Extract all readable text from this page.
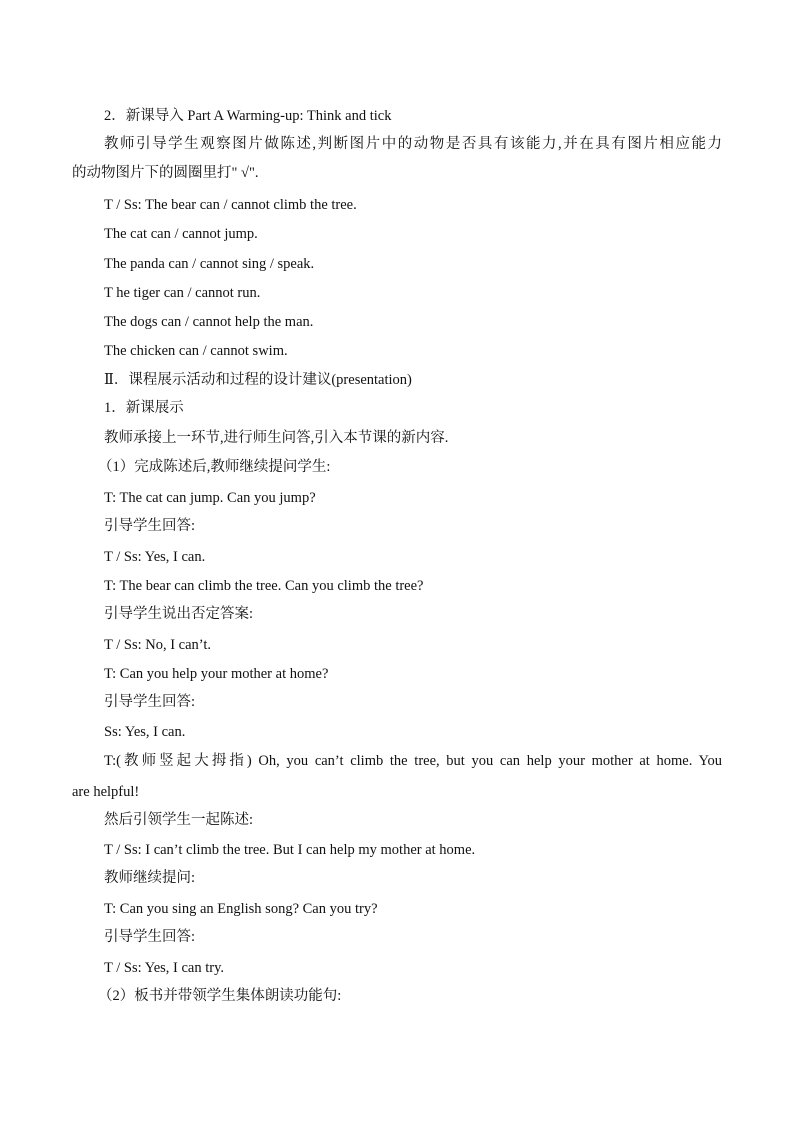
2．新课导入 Part A Warming-up: Think and tick
教师引导学生观察图片做陈述,判断图片中的动物是否具有该能力,并在具有图片相应能力
的动物图片下的圆圈里打" √".
T / Ss: The bear can / cannot climb the tree.
The cat can / cannot jump.
The panda can / cannot sing / speak.
T he tiger can / cannot run.
The dogs can / cannot help the man.
The chicken can / cannot swim.
Ⅱ．课程展示活动和过程的设计建议(presentation)
1．新课展示
教师承接上一环节,进行师生问答,引入本节课的新内容.
（1）完成陈述后,教师继续提问学生:
T: The cat can jump. Can you jump?
引导学生回答:
T / Ss: Yes, I can.
T: The bear can climb the tree. Can you climb the tree?
引导学生说出否定答案:
T / Ss: No, I can’t.
T: Can you help your mother at home?
引导学生回答:
Ss: Yes, I can.
T:(教师竖起大拇指) Oh, you can’t climb the tree, but you can help your mother at home. You
are helpful!
然后引领学生一起陈述:
T / Ss: I can’t climb the tree. But I can help my mother at home.
教师继续提问:
T: Can you sing an English song? Can you try?
引导学生回答:
T / Ss: Yes, I can try.
（2）板书并带领学生集体朗读功能句:
